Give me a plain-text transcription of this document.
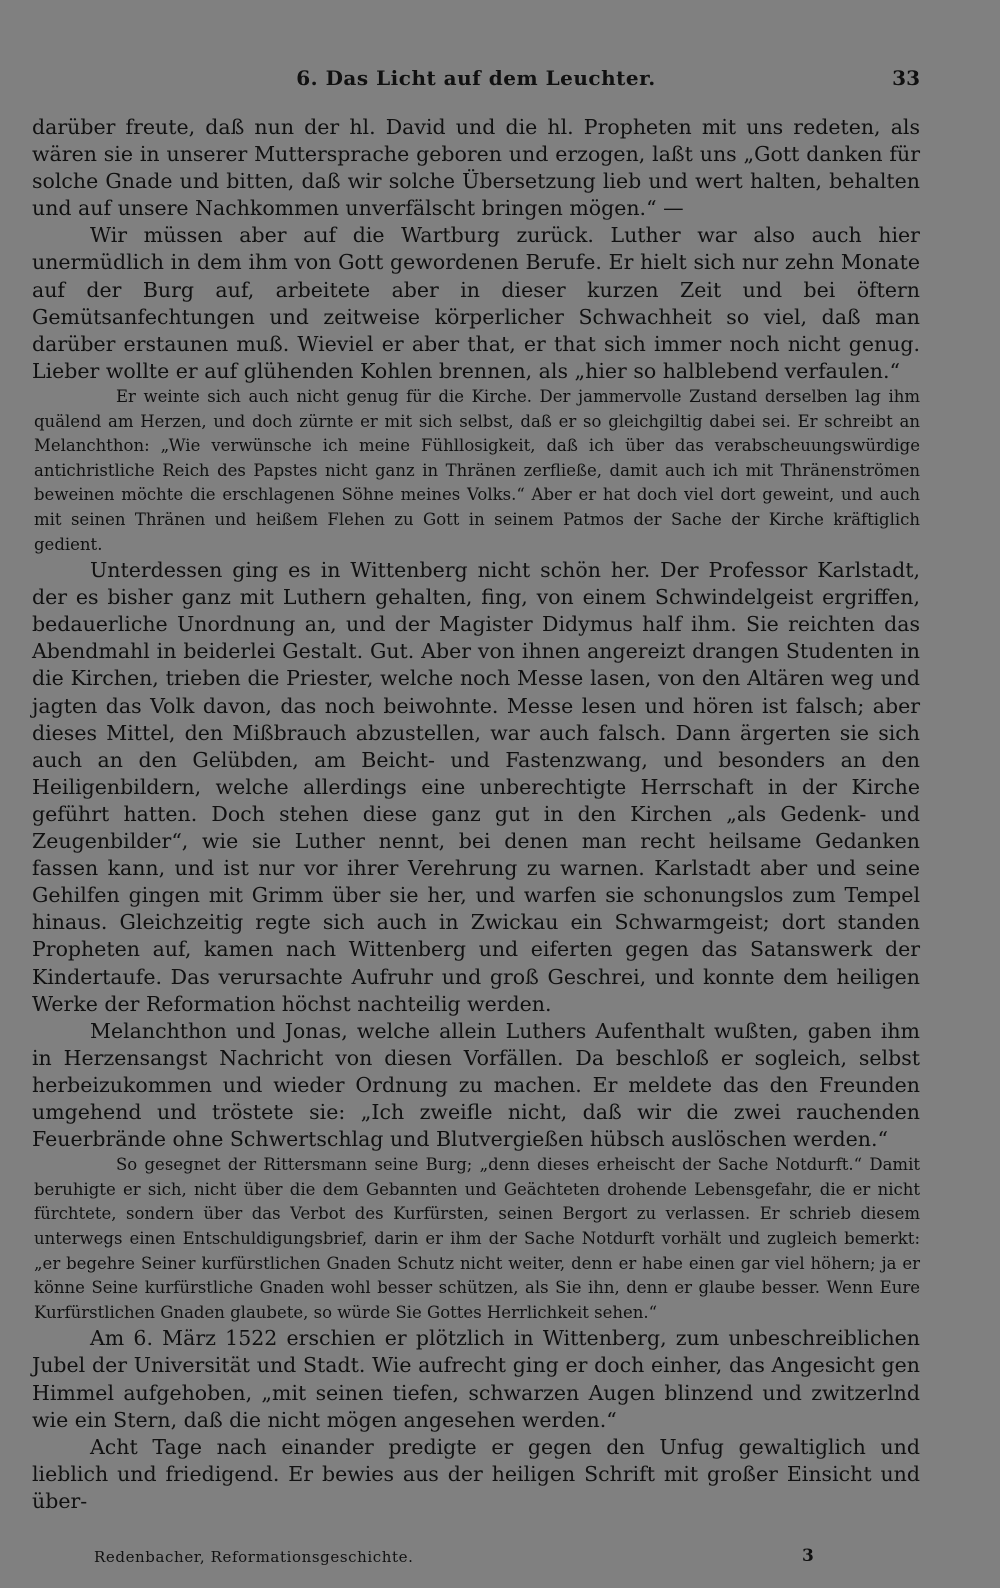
6. Das Licht auf dem Leuchter.	33

darüber freute, daß nun der hl. David und die hl. Propheten mit uns redeten, als wären sie in unserer Muttersprache geboren und erzogen, laßt uns „Gott danken für solche Gnade und bitten, daß wir solche Übersetzung lieb und wert halten, behalten und auf unsere Nachkommen unverfälscht bringen mögen.“ —

Wir müssen aber auf die Wartburg zurück. Luther war also auch hier unermüdlich in dem ihm von Gott gewordenen Berufe. Er hielt sich nur zehn Monate auf der Burg auf, arbeitete aber in dieser kurzen Zeit und bei öftern Gemütsanfechtungen und zeitweise körperlicher Schwachheit so viel, daß man darüber erstaunen muß. Wieviel er aber that, er that sich immer noch nicht genug. Lieber wollte er auf glühenden Kohlen brennen, als „hier so halblebend verfaulen.“

Er weinte sich auch nicht genug für die Kirche. Der jammervolle Zustand derselben lag ihm quälend am Herzen, und doch zürnte er mit sich selbst, daß er so gleichgiltig dabei sei. Er schreibt an Melanchthon: „Wie verwünsche ich meine Fühllosigkeit, daß ich über das verabscheuungswürdige antichristliche Reich des Papstes nicht ganz in Thränen zerfließe, damit auch ich mit Thränenströmen beweinen möchte die erschlagenen Söhne meines Volks.“ Aber er hat doch viel dort geweint, und auch mit seinen Thränen und heißem Flehen zu Gott in seinem Patmos der Sache der Kirche kräftiglich gedient.

Unterdessen ging es in Wittenberg nicht schön her. Der Professor Karlstadt, der es bisher ganz mit Luthern gehalten, fing, von einem Schwindelgeist ergriffen, bedauerliche Unordnung an, und der Magister Didymus half ihm. Sie reichten das Abendmahl in beiderlei Gestalt. Gut. Aber von ihnen angereizt drangen Studenten in die Kirchen, trieben die Priester, welche noch Messe lasen, von den Altären weg und jagten das Volk davon, das noch beiwohnte. Messe lesen und hören ist falsch; aber dieses Mittel, den Mißbrauch abzustellen, war auch falsch. Dann ärgerten sie sich auch an den Gelübden, am Beicht- und Fastenzwang, und besonders an den Heiligenbildern, welche allerdings eine unberechtigte Herrschaft in der Kirche geführt hatten. Doch stehen diese ganz gut in den Kirchen „als Gedenk- und Zeugenbilder“, wie sie Luther nennt, bei denen man recht heilsame Gedanken fassen kann, und ist nur vor ihrer Verehrung zu warnen. Karlstadt aber und seine Gehilfen gingen mit Grimm über sie her, und warfen sie schonungslos zum Tempel hinaus. Gleichzeitig regte sich auch in Zwickau ein Schwarmgeist; dort standen Propheten auf, kamen nach Wittenberg und eiferten gegen das Satanswerk der Kindertaufe. Das verursachte Aufruhr und groß Geschrei, und konnte dem heiligen Werke der Reformation höchst nachteilig werden.

Melanchthon und Jonas, welche allein Luthers Aufenthalt wußten, gaben ihm in Herzensangst Nachricht von diesen Vorfällen. Da beschloß er sogleich, selbst herbeizukommen und wieder Ordnung zu machen. Er meldete das den Freunden umgehend und tröstete sie: „Ich zweifle nicht, daß wir die zwei rauchenden Feuerbrände ohne Schwertschlag und Blutvergießen hübsch auslöschen werden.“

So gesegnet der Rittersmann seine Burg; „denn dieses erheischt der Sache Notdurft.“ Damit beruhigte er sich, nicht über die dem Gebannten und Geächteten drohende Lebensgefahr, die er nicht fürchtete, sondern über das Verbot des Kurfürsten, seinen Bergort zu verlassen. Er schrieb diesem unterwegs einen Entschuldigungsbrief, darin er ihm der Sache Notdurft vorhält und zugleich bemerkt: „er begehre Seiner kurfürstlichen Gnaden Schutz nicht weiter, denn er habe einen gar viel höhern; ja er könne Seine kurfürstliche Gnaden wohl besser schützen, als Sie ihn, denn er glaube besser. Wenn Eure Kurfürstlichen Gnaden glaubete, so würde Sie Gottes Herrlichkeit sehen.“

Am 6. März 1522 erschien er plötzlich in Wittenberg, zum unbeschreiblichen Jubel der Universität und Stadt. Wie aufrecht ging er doch einher, das Angesicht gen Himmel aufgehoben, „mit seinen tiefen, schwarzen Augen blinzend und zwitzerlnd wie ein Stern, daß die nicht mögen angesehen werden.“

Acht Tage nach einander predigte er gegen den Unfug gewaltiglich und lieblich und friedigend. Er bewies aus der heiligen Schrift mit großer Einsicht und über-

Redenbacher, Reformationsgeschichte.	3
